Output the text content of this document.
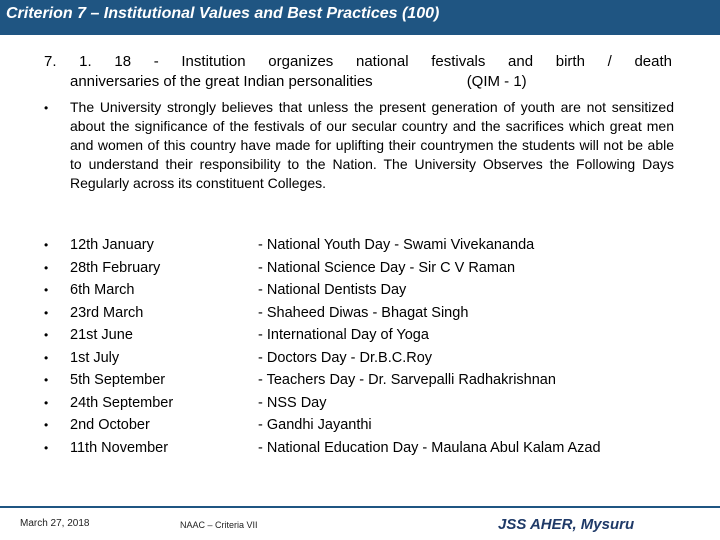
Criterion 7 – Institutional Values and Best Practices (100)
7. 1. 18 - Institution organizes national festivals and birth / death
anniversaries of the great Indian personalities	(QIM - 1)
•	The University strongly believes that unless the present generation of youth are not sensitized about the significance of the festivals of our secular country and the sacrifices which great men and women of this country have made for uplifting their countrymen the students will not be able to understand their responsibility to the Nation. The University Observes the Following Days Regularly across its constituent Colleges.
• 12th January	- National Youth Day - Swami Vivekananda
• 28th February	- National Science Day - Sir C V Raman
• 6th March	- National Dentists Day
• 23rd March	- Shaheed Diwas - Bhagat Singh
• 21st June	- International Day of Yoga
• 1st July	- Doctors Day - Dr.B.C.Roy
• 5th September	- Teachers Day - Dr. Sarvepalli Radhakrishnan
• 24th September	- NSS Day
• 2nd October	- Gandhi Jayanthi
• 11th November	- National Education Day - Maulana Abul Kalam Azad
March 27, 2018	NAAC – Criteria VII	JSS AHER, Mysuru
